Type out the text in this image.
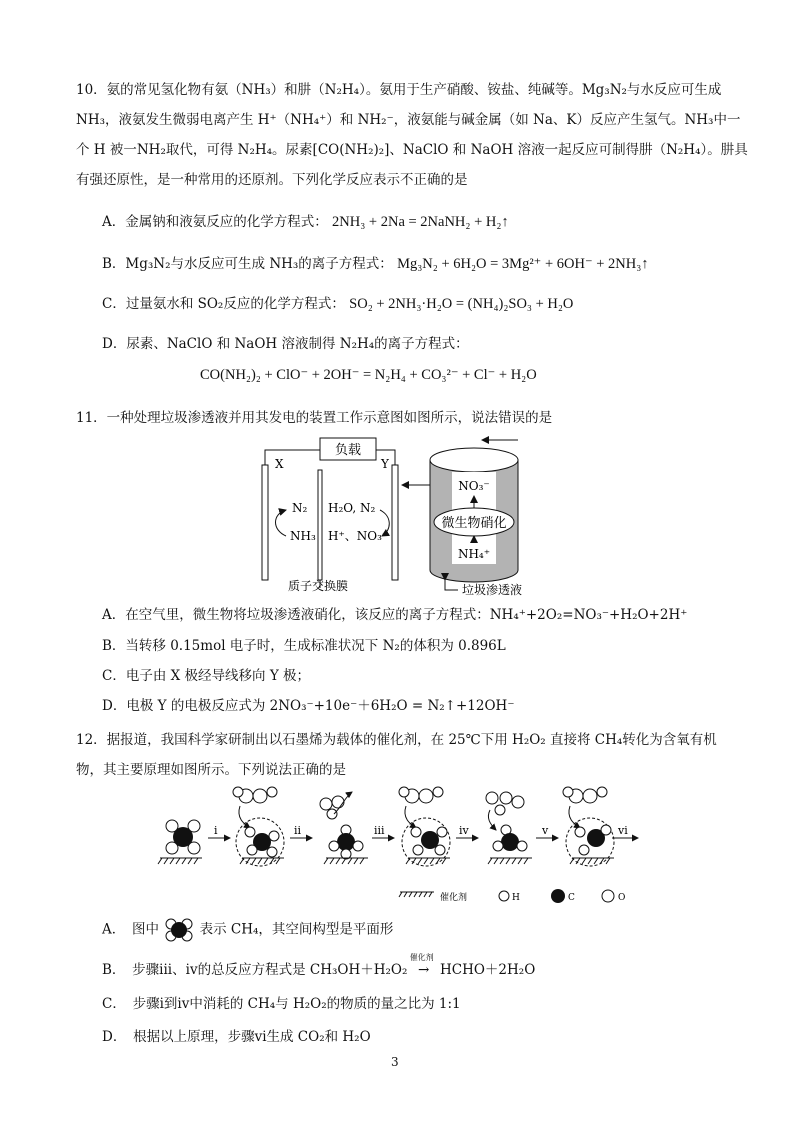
10．氨的常见氢化物有氨（NH₃）和肼（N₂H₄）。氨用于生产硝酸、铵盐、纯碱等。Mg₃N₂与水反应可生成
NH₃，液氨发生微弱电离产生 H⁺（NH₄⁺）和 NH₂⁻，液氨能与碱金属（如 Na、K）反应产生氢气。NH₃中一
个 H 被一NH₂取代，可得 N₂H₄。尿素[CO(NH₂)₂]、NaClO 和 NaOH 溶液一起反应可制得肼（N₂H₄）。肼具
有强还原性，是一种常用的还原剂。下列化学反应表示不正确的是
A．金属钠和液氨反应的化学方程式： 2NH₃ + 2Na = 2NaNH₂ + H₂↑
B．Mg₃N₂与水反应可生成 NH₃的离子方程式： Mg₃N₂ + 6H₂O = 3Mg²⁺ + 6OH⁻ + 2NH₃↑
C．过量氨水和 SO₂反应的化学方程式： SO₂ + 2NH₃·H₂O = (NH₄)₂SO₃ + H₂O
D．尿素、NaClO 和 NaOH 溶液制得 N₂H₄的离子方程式：
CO(NH₂)₂ + ClO⁻ + 2OH⁻ = N₂H₄ + CO₃²⁻ + Cl⁻ + H₂O
11．一种处理垃圾渗透液并用其发电的装置工作示意图如图所示，说法错误的是
负载
X	Y
N₂
NH₃
H₂O, N₂
H⁺、NO₃⁻
NO₃⁻
微生物硝化
NH₄⁺
质子交换膜	垃圾渗透液
A．在空气里，微生物将垃圾渗透液硝化，该反应的离子方程式：NH₄⁺+2O₂=NO₃⁻+H₂O+2H⁺
B．当转移 0.15mol 电子时，生成标准状况下 N₂的体积为 0.896L
C．电子由 X 极经导线移向 Y 极；
D．电极 Y 的电极反应式为 2NO₃⁻+10e⁻＋6H₂O = N₂↑+12OH⁻
12．据报道，我国科学家研制出以石墨烯为载体的催化剂，在 25℃下用 H₂O₂ 直接将 CH₄转化为含氧有机
物，其主要原理如图所示。下列说法正确的是
i	ii	iii	iv	v	vi
催化剂	H	C	O
A．　图中	表示 CH₄，其空间构型是平面形
B．　步骤iii、iv的总反应方程式是 CH₃OH＋H₂O₂
催化剂
→ HCHO＋2H₂O
C．　步骤i到iv中消耗的 CH₄与 H₂O₂的物质的量之比为 1:1
D．　根据以上原理，步骤vi生成 CO₂和 H₂O
3
